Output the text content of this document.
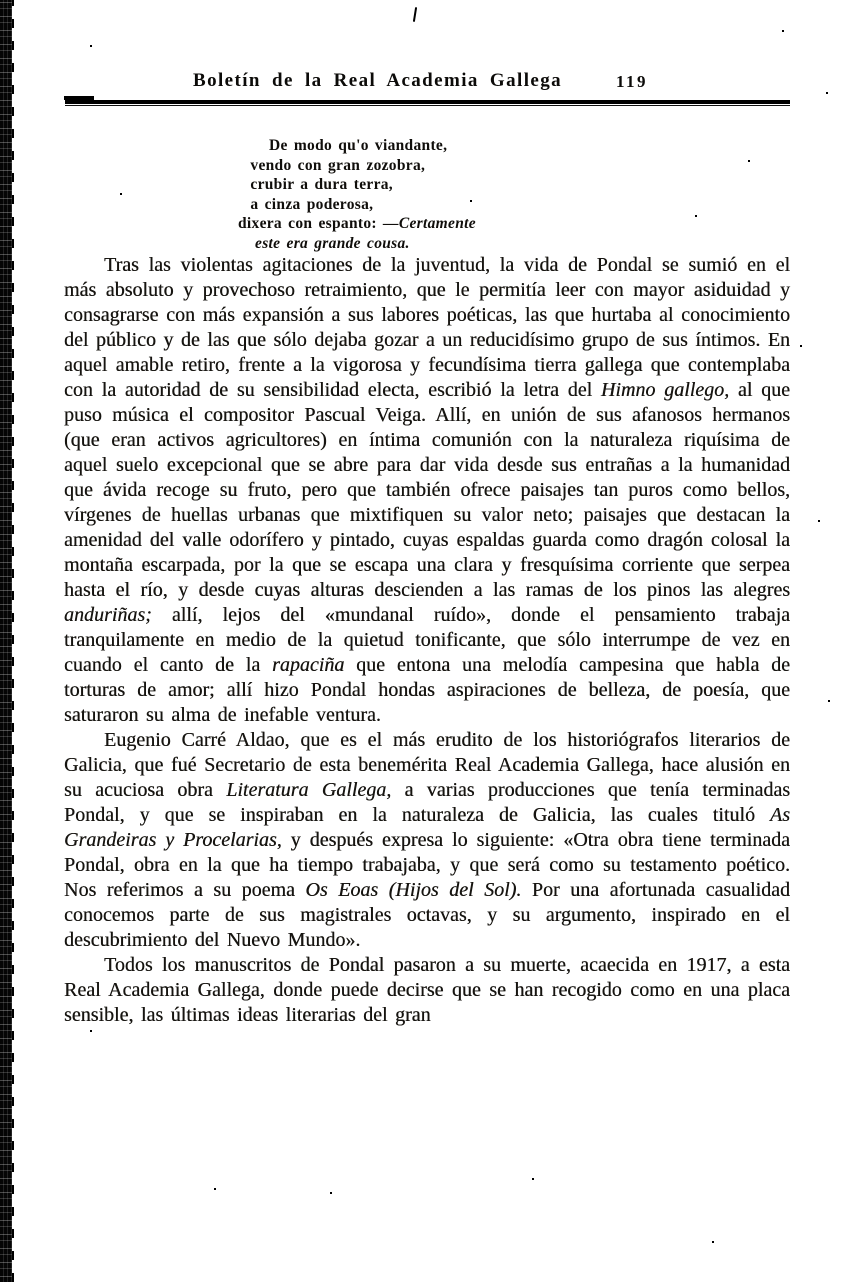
Boletín de la Real Academia Gallega	119
De modo qu'o viandante,
vendo con gran zozobra,
crubir a dura terra,
a cinza poderosa,
dixera con espanto: —Certamente
este era grande cousa.

Tras las violentas agitaciones de la juventud, la vida de Pondal se sumió en el más absoluto y provechoso retraimiento, que le permitía leer con mayor asiduidad y consagrarse con más expansión a sus labores poéticas, las que hurtaba al conocimiento del público y de las que sólo dejaba gozar a un reducidísimo grupo de sus íntimos. En aquel amable retiro, frente a la vigorosa y fecundísima tierra gallega que contemplaba con la autoridad de su sensibilidad electa, escribió la letra del Himno gallego, al que puso música el compositor Pascual Veiga. Allí, en unión de sus afanosos hermanos (que eran activos agricultores) en íntima comunión con la naturaleza riquísima de aquel suelo excepcional que se abre para dar vida desde sus entrañas a la humanidad que ávida recoge su fruto, pero que también ofrece paisajes tan puros como bellos, vírgenes de huellas urbanas que mixtifiquen su valor neto; paisajes que destacan la amenidad del valle odorífero y pintado, cuyas espaldas guarda como dragón colosal la montaña escarpada, por la que se escapa una clara y fresquísima corriente que serpea hasta el río, y desde cuyas alturas descienden a las ramas de los pinos las alegres anduriñas; allí, lejos del «mundanal ruído», donde el pensamiento trabaja tranquilamente en medio de la quietud tonificante, que sólo interrumpe de vez en cuando el canto de la rapaciña que entona una melodía campesina que habla de torturas de amor; allí hizo Pondal hondas aspiraciones de belleza, de poesía, que saturaron su alma de inefable ventura.

Eugenio Carré Aldao, que es el más erudito de los historiógrafos literarios de Galicia, que fué Secretario de esta benemérita Real Academia Gallega, hace alusión en su acuciosa obra Literatura Gallega, a varias producciones que tenía terminadas Pondal, y que se inspiraban en la naturaleza de Galicia, las cuales tituló As Grandeiras y Procelarias, y después expresa lo siguiente: «Otra obra tiene terminada Pondal, obra en la que ha tiempo trabajaba, y que será como su testamento poético. Nos referimos a su poema Os Eoas (Hijos del Sol). Por una afortunada casualidad conocemos parte de sus magistrales octavas, y su argumento, inspirado en el descubrimiento del Nuevo Mundo».

Todos los manuscritos de Pondal pasaron a su muerte, acaecida en 1917, a esta Real Academia Gallega, donde puede decirse que se han recogido como en una placa sensible, las últimas ideas literarias del gran
